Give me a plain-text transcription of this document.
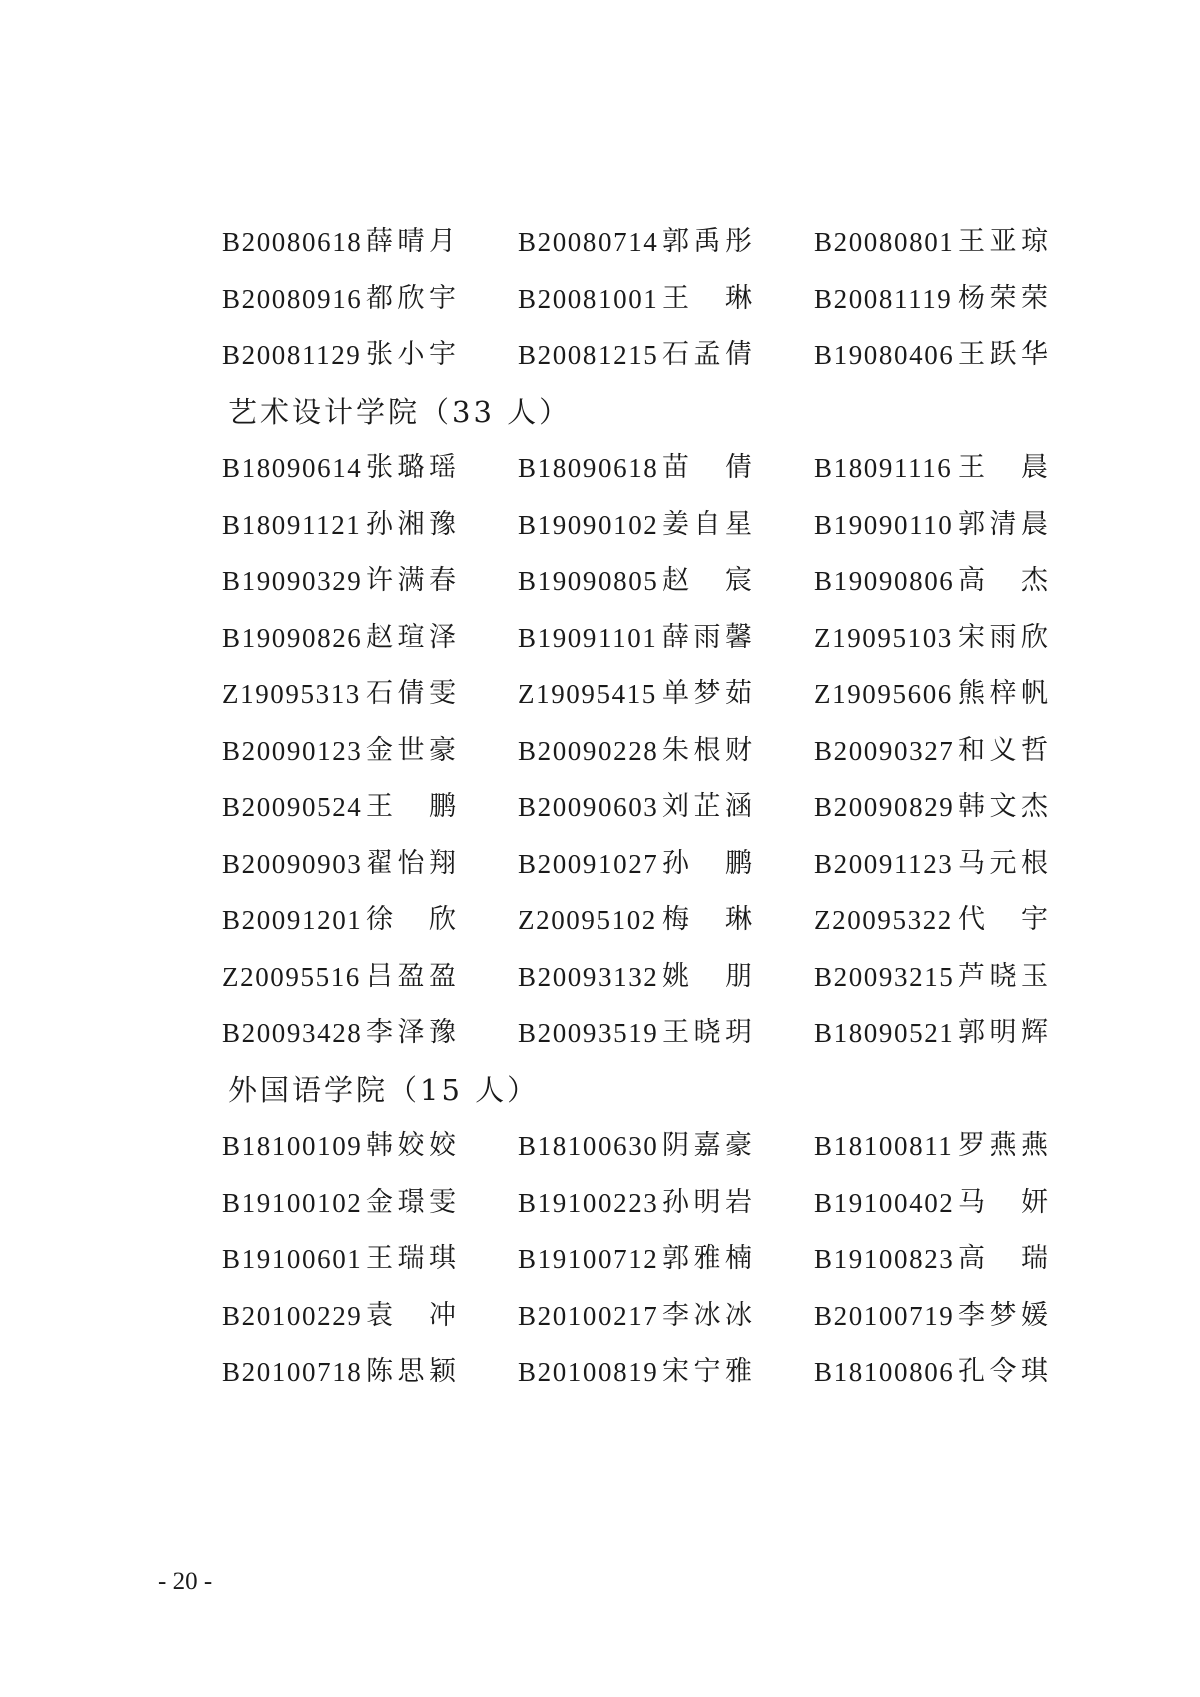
B20080618 薛晴月 B20080714 郭禹彤 B20080801 王亚琼
B20080916 都欣宇 B20081001 王　琳 B20081119 杨荣荣
B20081129 张小宇 B20081215 石孟倩 B19080406 王跃华
艺术设计学院（33 人）
B18090614 张璐瑶 B18090618 苗　倩 B18091116 王　晨
B18091121 孙湘豫 B19090102 姜自星 B19090110 郭清晨
B19090329 许满春 B19090805 赵　宸 B19090806 高　杰
B19090826 赵瑄泽 B19091101 薛雨馨 Z19095103 宋雨欣
Z19095313 石倩雯 Z19095415 单梦茹 Z19095606 熊梓帆
B20090123 金世豪 B20090228 朱根财 B20090327 和义哲
B20090524 王　鹏 B20090603 刘芷涵 B20090829 韩文杰
B20090903 翟怡翔 B20091027 孙　鹏 B20091123 马元根
B20091201 徐　欣 Z20095102 梅　琳 Z20095322 代　宇
Z20095516 吕盈盈 B20093132 姚　朋 B20093215 芦晓玉
B20093428 李泽豫 B20093519 王晓玥 B18090521 郭明辉
外国语学院（15 人）
B18100109 韩姣姣 B18100630 阴嘉豪 B18100811 罗燕燕
B19100102 金璟雯 B19100223 孙明岩 B19100402 马　妍
B19100601 王瑞琪 B19100712 郭雅楠 B19100823 高　瑞
B20100229 袁　冲 B20100217 李冰冰 B20100719 李梦媛
B20100718 陈思颖 B20100819 宋宁雅 B18100806 孔令琪
- 20 -
